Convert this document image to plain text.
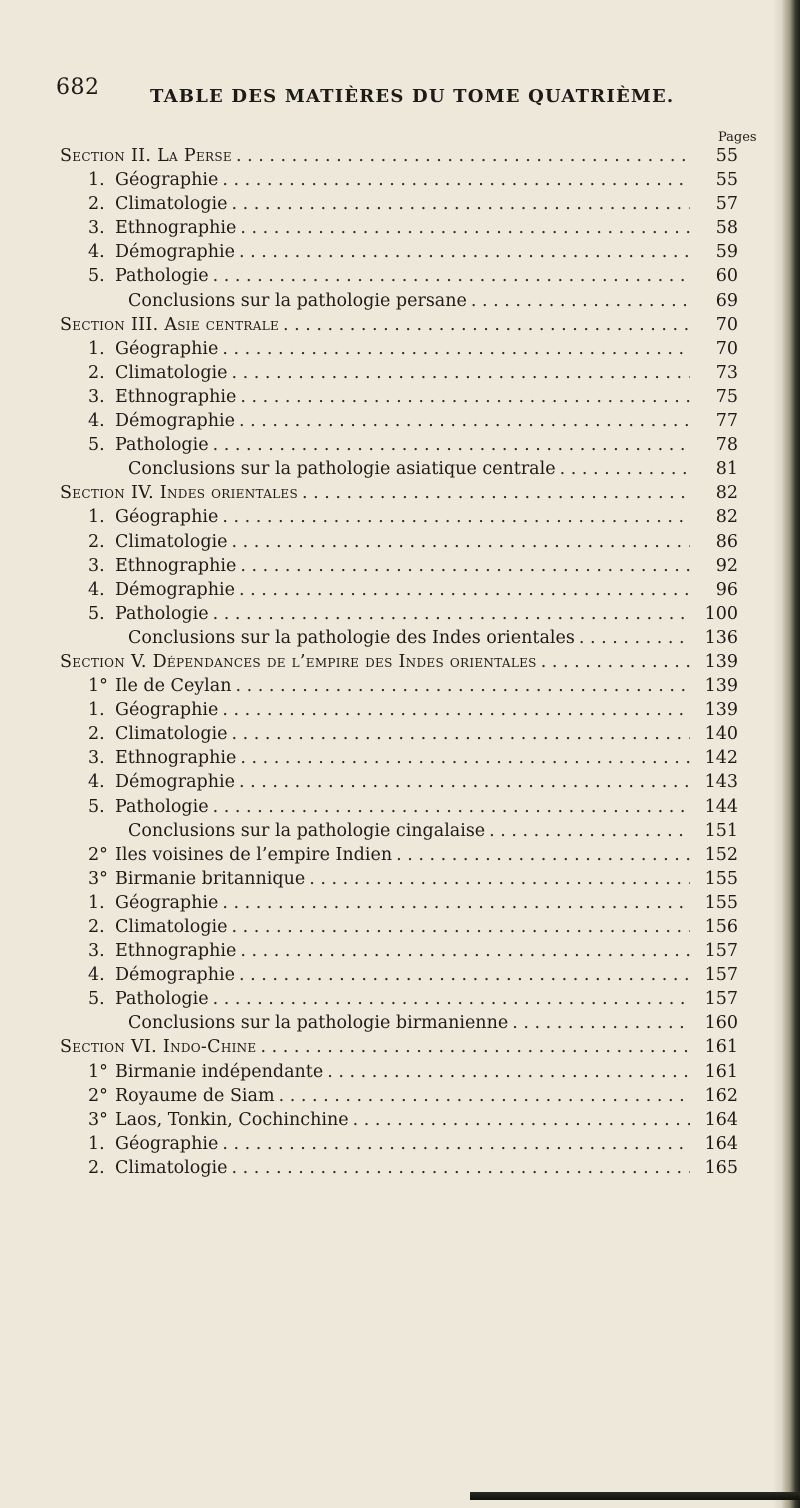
682	TABLE DES MATIÈRES DU TOME QUATRIÈME.
Pages
Section II. La Perse . . .	55
1. Géographie . . .	55
2. Climatologie . . .	57
3. Ethnographie . . .	58
4. Démographie . . .	59
5. Pathologie . . .	60
Conclusions sur la pathologie persane . . .	69
Section III. Asie centrale . . .	70
1. Géographie . . .	70
2. Climatologie . . .	73
3. Ethnographie . . .	75
4. Démographie . . .	77
5. Pathologie . . .	78
Conclusions sur la pathologie asiatique centrale . . .	81
Section IV. Indes orientales . . .	82
1. Géographie . . .	82
2. Climatologie . . .	86
3. Ethnographie . . .	92
4. Démographie . . .	96
5. Pathologie . . .	100
Conclusions sur la pathologie des Indes orientales . . .	136
Section V. Dépendances de l’empire des Indes orientales . . .	139
1° Ile de Ceylan . . .	139
1. Géographie . . .	139
2. Climatologie . . .	140
3. Ethnographie . . .	142
4. Démographie . . .	143
5. Pathologie . . .	144
Conclusions sur la pathologie cingalaise . . .	151
2° Iles voisines de l’empire Indien . . .	152
3° Birmanie britannique . . .	155
1. Géographie . . .	155
2. Climatologie . . .	156
3. Ethnographie . . .	157
4. Démographie . . .	157
5. Pathologie . . .	157
Conclusions sur la pathologie birmanienne . . .	160
Section VI. Indo-Chine . . .	161
1° Birmanie indépendante . . .	161
2° Royaume de Siam . . .	162
3° Laos, Tonkin, Cochinchine . . .	164
1. Géographie . . .	164
2. Climatologie . . .	165
